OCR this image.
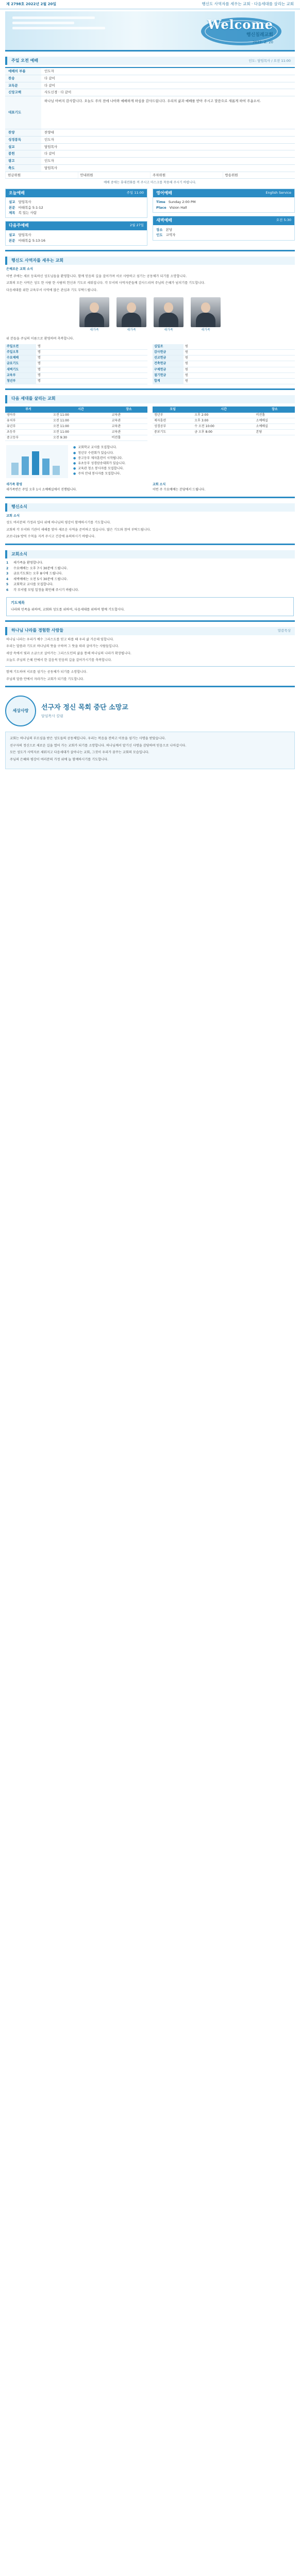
제 2798호 2022년 2월 20일	행신도 사역자를 세우는 교회 · 다음세대를 살리는 교회
Welcome
행신침례교회
2022. 2. 20
주일 오전 예배	인도: 담임목사 / 오전 11:00
예배의 부름	인도자
찬송	다 같이
교독문	다 같이
신앙고백	사도신경 · 다 같이
대표기도
하나님 아버지 감사합니다. 오늘도 주의 전에 나아와 예배하게 하심을 감사드립니다. 우리의 삶과 예배를 받아 주시고 말씀으로 새롭게 하여 주옵소서.
찬양	찬양대
성경봉독	인도자
설교	담임목사
봉헌	다 같이
광고	인도자
축도	담임목사
헌금위원	안내위원	주차위원	방송위원
예배 중에는 휴대전화를 꺼 주시고 마스크를 착용해 주시기 바랍니다.
오늘예배	주일 11:00
설교 담임목사
본문 마태복음 5:1-12
제목 복 있는 사람
다음주예배	2월 27일
설교 담임목사
본문 마태복음 5:13-16
영어예배	English Service
Time Sunday 2:00 PM
Place Vision Hall
새벽예배	오전 5:30
장소 본당
인도 교역자
행신도 사역자를 세우는 교회

은혜로운 교회 소식

이번 주에는 새로 등록하신 성도님들을 환영합니다. 함께 믿음의 길을 걸어가며 서로 사랑하고 섬기는 공동체가 되기를 소망합니다.

교회의 모든 사역은 성도 한 사람 한 사람의 헌신과 기도로 세워집니다. 각 부서의 사역자분들께 감사드리며 주님의 은혜가 넘치기를 기도합니다.

다음세대를 위한 교육부서 사역에 많은 관심과 기도 부탁드립니다.

새가족	새가족	새가족	새가족

위 분들을 주님의 이름으로 환영하며 축복합니다.

주일오전	명
주일오후	명
수요예배	명
금요기도	명
새벽기도	명
교육부	명
청년부	명
십일조	원
감사헌금	원
선교헌금	원
건축헌금	원
구제헌금	원
절기헌금	원
합계	원
다음 세대를 살리는 교회
부서	시간	장소
영아부	오전 11:00	교육관
유치부	오전 11:00	교육관
유년부	오전 11:00	교육관
초등부	오전 11:00	교육관
중고등부	오전 9:30	비전홀
모임	시간	장소
청년부	오후 2:00	비전홀
제자훈련	오후 3:00	소예배실
성경공부	수 오전 10:00	소예배실
중보기도	금 오후 8:00	본당
● 교회학교 교사를 모집합니다.
● 청년부 수련회가 있습니다.
● 중고등부 제자훈련이 시작됩니다.
● 유초등부 성경암송대회가 있습니다.
● 교육관 청소 봉사자를 모집합니다.
● 주차 안내 봉사자를 모집합니다.
새가족 환영
새가족반은 주일 오후 1시 소예배실에서 진행됩니다.
교회 소식
이번 주 수요예배는 본당에서 드립니다.
행신소식

교회 소식

성도 여러분의 가정과 일터 위에 하나님의 평강이 함께하시기를 기도합니다.

교회의 각 부서와 기관이 새해를 맞아 새로운 사역을 준비하고 있습니다. 많은 기도와 참여 부탁드립니다.

코로나19 방역 수칙을 지켜 주시고 건강에 유의하시기 바랍니다.

교회소식
1	새가족을 환영합니다.
2	수요예배는 오후 7시 30분에 드립니다.
3	금요기도회는 오후 8시에 드립니다.
4	새벽예배는 오전 5시 30분에 드립니다.
5	교회학교 교사를 모집합니다.
6	각 부서별 모임 일정을 확인해 주시기 바랍니다.
기도제목
나라와 민족을 위하여, 교회와 성도를 위하여, 다음세대를 위하여 함께 기도합시다.
하나님 나라를 경험한 사람들	말씀묵상

하나님 나라는 우리가 예수 그리스도를 믿고 따를 때 우리 삶 가운데 임합니다.

우리는 말씀과 기도로 하나님의 뜻을 구하며 그 뜻을 따라 살아가는 사람들입니다.

세상 속에서 빛과 소금으로 살아가는 그리스도인의 삶을 통해 하나님의 나라가 확장됩니다.

오늘도 주님의 은혜 안에서 한 걸음씩 믿음의 길을 걸어가시기를 축복합니다.

함께 기도하며 서로를 섬기는 공동체가 되기를 소망합니다.

주님의 말씀 안에서 자라가는 교회가 되기를 기도합니다.

세상사랑	선구자 정신 목회 중단 소망교
담임목사 칼럼

교회는 하나님의 부르심을 받은 성도들의 공동체입니다. 우리는 복음을 전하고 이웃을 섬기는 사명을 받았습니다.

선구자의 정신으로 새로운 길을 열어 가는 교회가 되기를 소망합니다. 하나님께서 맡기신 사명을 감당하며 믿음으로 나아갑시다.

모든 성도가 사역자로 세워지고 다음세대가 살아나는 교회, 그것이 우리가 꿈꾸는 교회의 모습입니다.

주님의 은혜와 평강이 여러분의 가정 위에 늘 함께하시기를 기도합니다.
